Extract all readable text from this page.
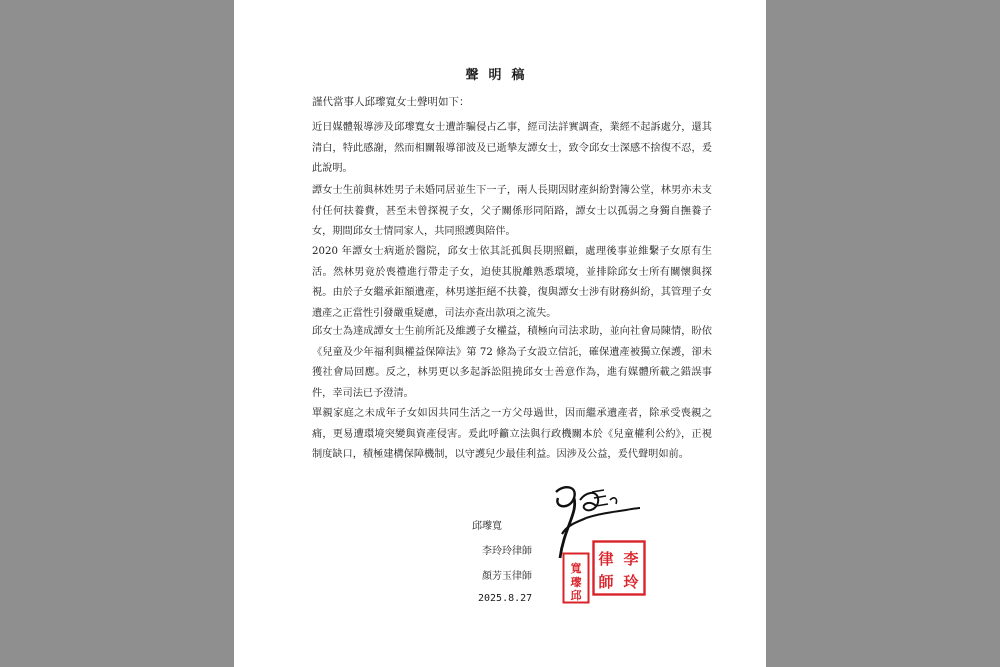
聲明稿
謹代當事人邱瓈寬女士聲明如下：

近日媒體報導涉及邱瓈寬女士遭詐騙侵占乙事，經司法詳實調查，業經不起訴處分，還其清白，特此感謝，然而相關報導卻波及已逝摯友譚女士，致令邱女士深感不捨復不忍，爰此說明。

譚女士生前與林姓男子未婚同居並生下一子，兩人長期因財產糾紛對簿公堂，林男亦未支付任何扶養費，甚至未曾探視子女，父子關係形同陌路，譚女士以孤弱之身獨自撫養子女，期間邱女士情同家人，共同照護與陪伴。

2020 年譚女士病逝於醫院，邱女士依其託孤與長期照顧，處理後事並維繫子女原有生活。然林男竟於喪禮進行帶走子女，迫使其脫離熟悉環境，並排除邱女士所有關懷與探視。由於子女繼承鉅額遺產，林男遂拒絕不扶養，復與譚女士涉有財務糾紛，其管理子女遺產之正當性引發嚴重疑慮，司法亦查出款項之流失。

邱女士為達成譚女士生前所託及維護子女權益，積極向司法求助，並向社會局陳情，盼依《兒童及少年福利與權益保障法》第 72 條為子女設立信託，確保遺產被獨立保護，卻未獲社會局回應。反之，林男更以多起訴訟阻撓邱女士善意作為，進有媒體所載之錯誤事件，幸司法已予澄清。

單親家庭之未成年子女如因共同生活之一方父母過世，因而繼承遺產者，除承受喪親之痛，更易遭環境突變與資產侵害。爰此呼籲立法與行政機關本於《兒童權利公約》，正視制度缺口，積極建構保障機制，以守護兒少最佳利益。因涉及公益，爰代聲明如前。

邱瓈寬
李玲玲律師
顏芳玉律師
2025.8.27
寬
瓈
邱
律 李
師 玲
